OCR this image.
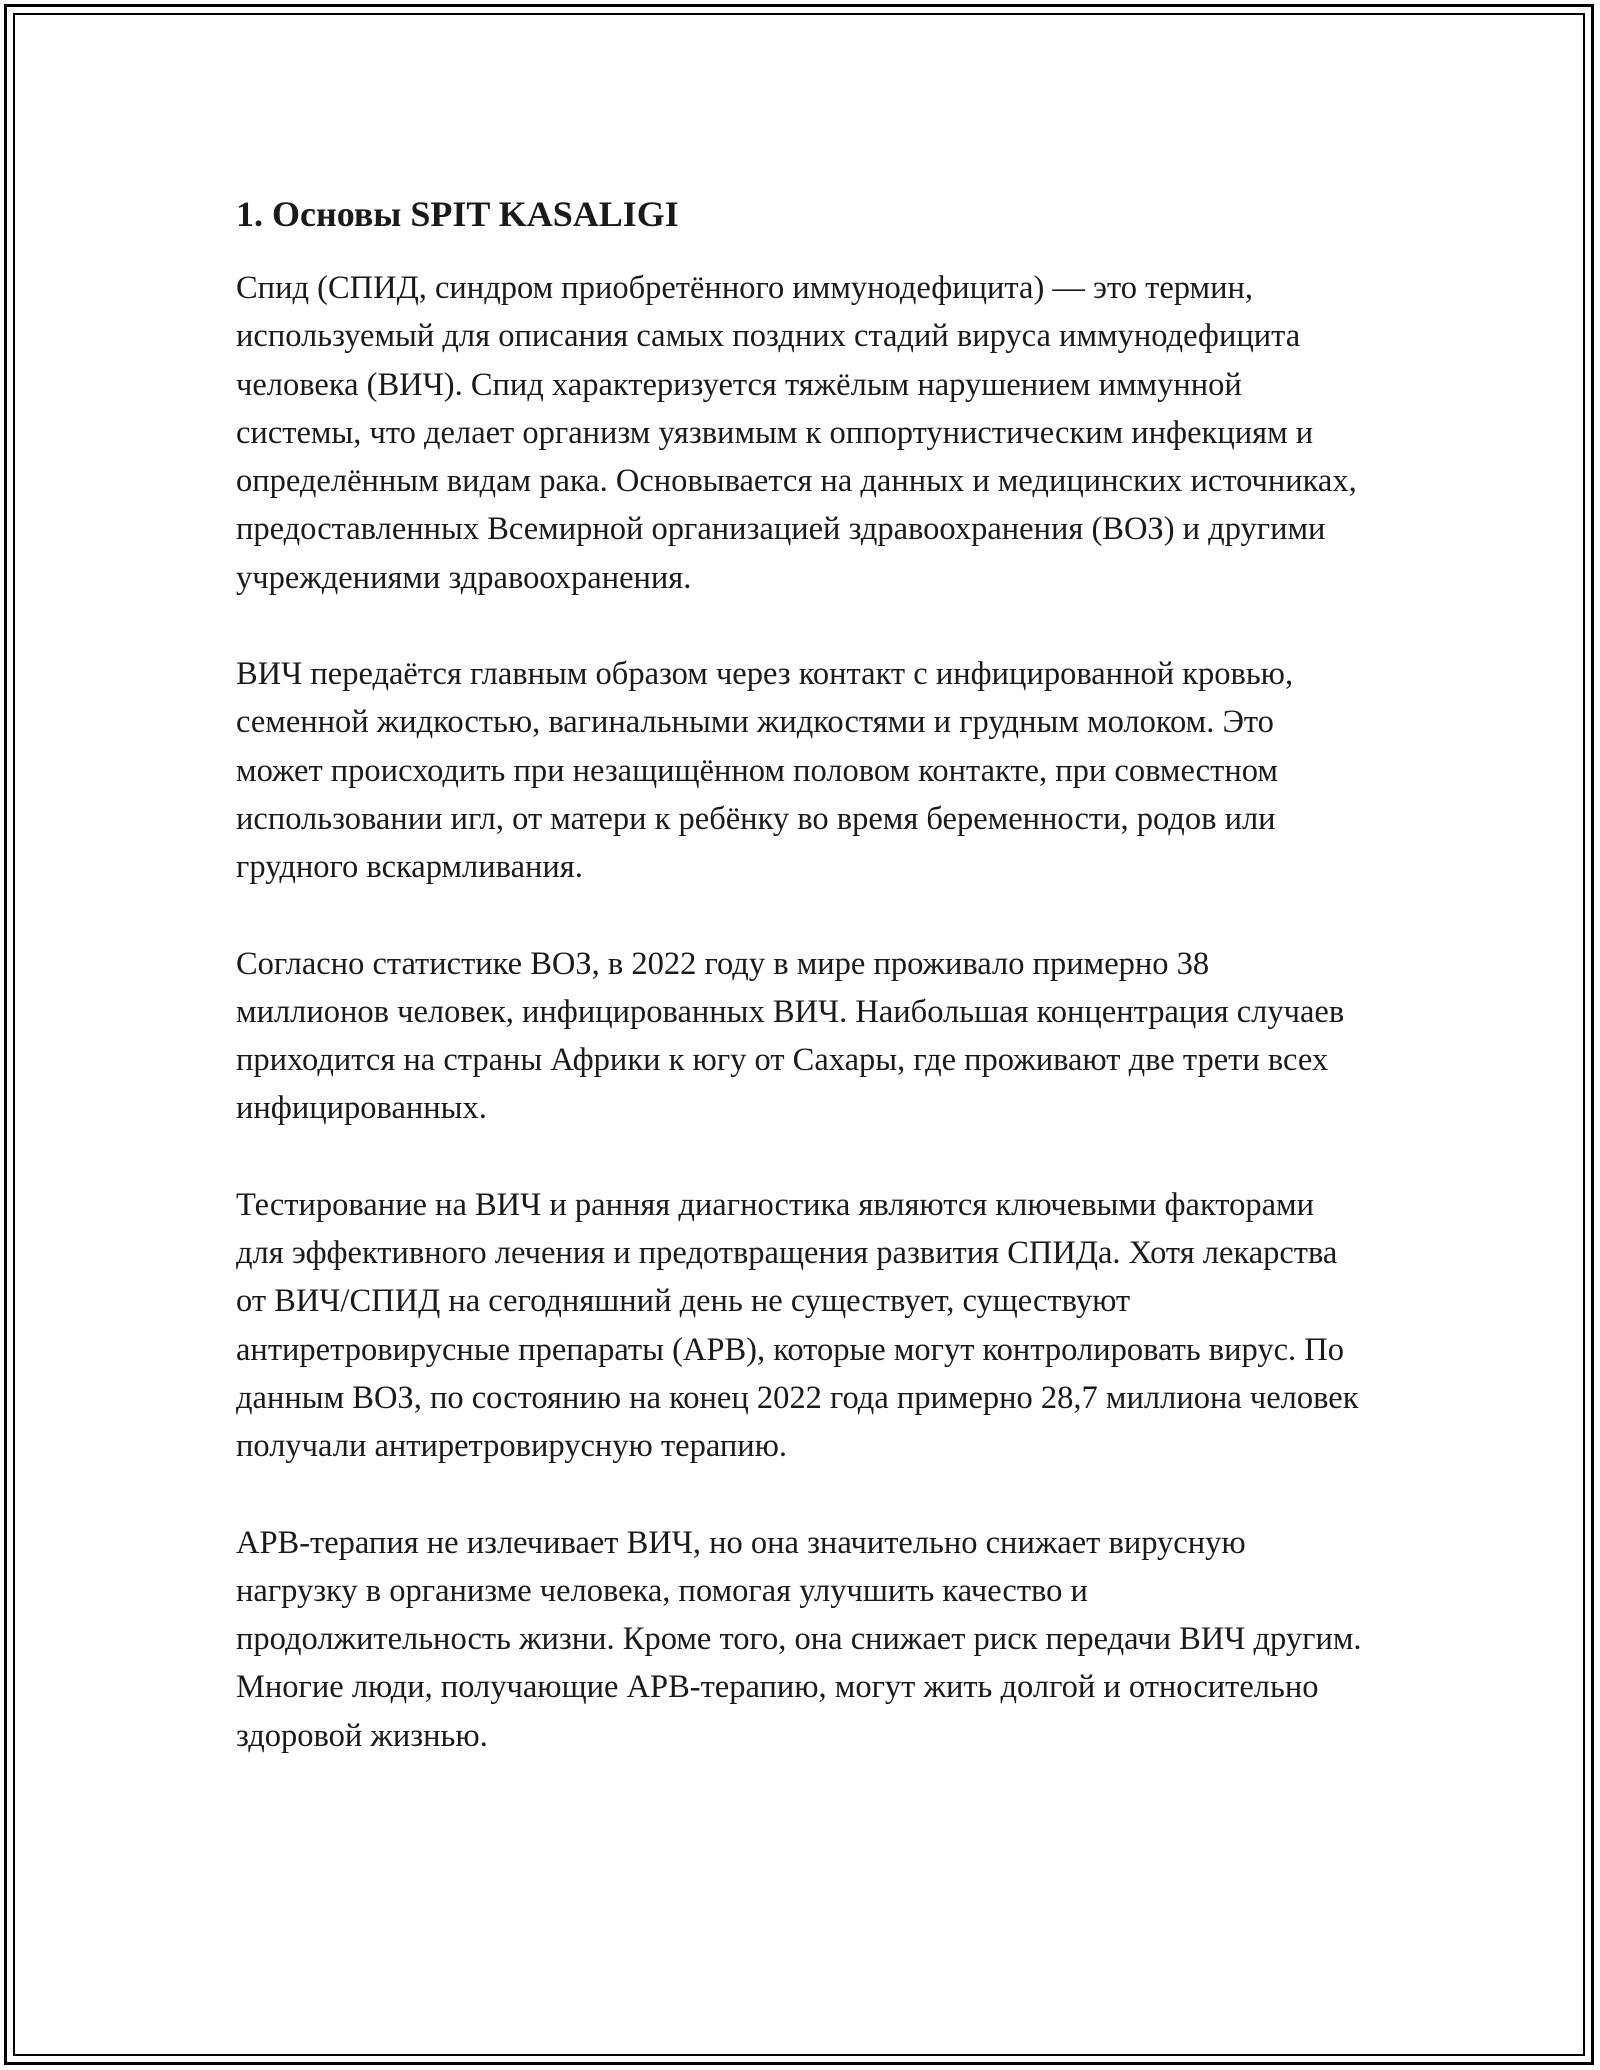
1. Основы SPIT KASALIGI

Спид (СПИД, синдром приобретённого иммунодефицита) — это термин, используемый для описания самых поздних стадий вируса иммунодефицита человека (ВИЧ). Спид характеризуется тяжёлым нарушением иммунной системы, что делает организм уязвимым к оппортунистическим инфекциям и определённым видам рака. Основывается на данных и медицинских источниках, предоставленных Всемирной организацией здравоохранения (ВОЗ) и другими учреждениями здравоохранения.

ВИЧ передаётся главным образом через контакт с инфицированной кровью, семенной жидкостью, вагинальными жидкостями и грудным молоком. Это может происходить при незащищённом половом контакте, при совместном использовании игл, от матери к ребёнку во время беременности, родов или грудного вскармливания.

Согласно статистике ВОЗ, в 2022 году в мире проживало примерно 38 миллионов человек, инфицированных ВИЧ. Наибольшая концентрация случаев приходится на страны Африки к югу от Сахары, где проживают две трети всех инфицированных.

Тестирование на ВИЧ и ранняя диагностика являются ключевыми факторами для эффективного лечения и предотвращения развития СПИДа. Хотя лекарства от ВИЧ/СПИД на сегодняшний день не существует, существуют антиретровирусные препараты (АРВ), которые могут контролировать вирус. По данным ВОЗ, по состоянию на конец 2022 года примерно 28,7 миллиона человек получали антиретровирусную терапию.

АРВ-терапия не излечивает ВИЧ, но она значительно снижает вирусную нагрузку в организме человека, помогая улучшить качество и продолжительность жизни. Кроме того, она снижает риск передачи ВИЧ другим. Многие люди, получающие АРВ-терапию, могут жить долгой и относительно здоровой жизнью.
